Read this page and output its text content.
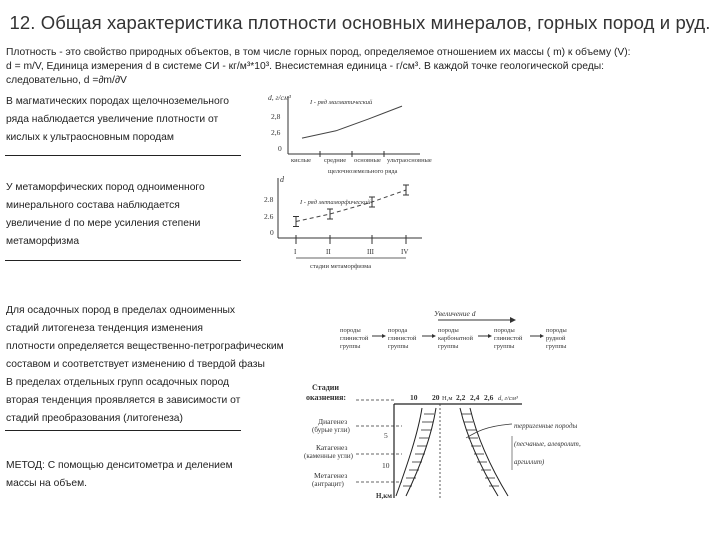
12. Общая характеристика плотности основных минералов, горных пород и руд.
Плотность - это свойство природных объектов, в том числе горных пород, определяемое отношением их массы ( m) к объему (V):
d = m/V, Единица измерения d в системе СИ - кг/м³*10³. Внесистемная единица - г/см³. В каждой точке геологической среды:
следовательно, d =∂m/∂V
В магматических породах щелочноземельного
ряда наблюдается увеличение плотности от
кислых к ультраосновным породам
У метаморфических пород одноименного
минерального состава наблюдается
увеличение d по мере усиления степени
метаморфизма
Для осадочных пород в пределах одноименных
стадий литогенеза тенденция изменения
плотности определяется вещественно-петрографическим
составом и соответствует изменению d твердой фазы
В пределах отдельных групп осадочных пород
вторая тенденция проявляется в зависимости от
стадий преобразования (литогенеза)
МЕТОД: С помощью денситометра и делением
массы на объем.
d, г/см³
2,8
2,6
0
I - ряд магматический
кислые средние основные ультраосновные
щелочноземельного ряда
d
2.8
2.6
0
I - ряд метаморфический
I	II	III	IV
стадии метаморфизма
Увеличение d
породы
глинистой
группы
порода
глинистой
группы
породы
карбонатной
группы
породы
глинистой
группы
породы
рудной
группы
Стадии
оказнения:
Диагенез
(бурые угли)
Катагенез
(каменные угли)
Метагенез
(антрацит)
10 20 Н,м 2,2 2,4 2,6 d, г/см³
5
10
Н,км
терригенные породы
(песчаные, алевролит,
аргиллит)
